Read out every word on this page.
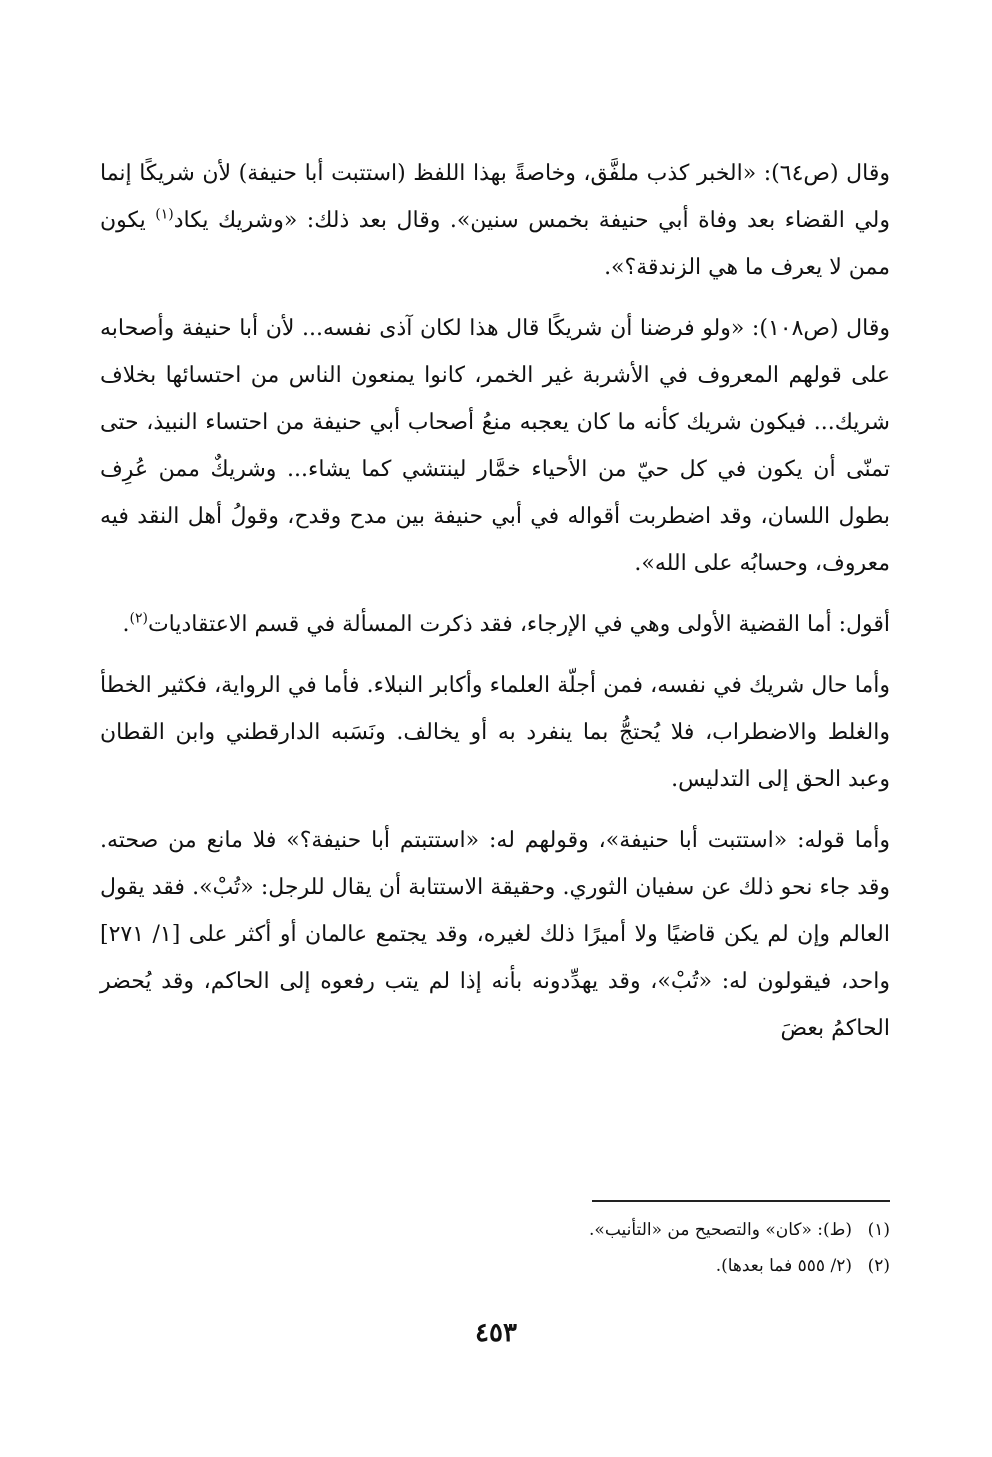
وقال (ص٦٤): «الخبر كذب ملفَّق، وخاصةً بهذا اللفظ (استتبت أبا حنيفة) لأن شريكًا إنما ولي القضاء بعد وفاة أبي حنيفة بخمس سنين». وقال بعد ذلك: «وشريك يكاد$^{(١)}$ يكون ممن لا يعرف ما هي الزندقة؟».

وقال (ص١٠٨): «ولو فرضنا أن شريكًا قال هذا لكان آذى نفسه... لأن أبا حنيفة وأصحابه على قولهم المعروف في الأشربة غير الخمر، كانوا يمنعون الناس من احتسائها بخلاف شريك... فيكون شريك كأنه ما كان يعجبه منعُ أصحاب أبي حنيفة من احتساء النبيذ، حتى تمنّى أن يكون في كل حيّ من الأحياء خمَّار لينتشي كما يشاء... وشريكٌ ممن عُرِف بطول اللسان، وقد اضطربت أقواله في أبي حنيفة بين مدح وقدح، وقولُ أهل النقد فيه معروف، وحسابُه على الله».

أقول: أما القضية الأولى وهي في الإرجاء، فقد ذكرت المسألة في قسم الاعتقاديات$^{(٢)}$.

وأما حال شريك في نفسه، فمن أجلّة العلماء وأكابر النبلاء. فأما في الرواية، فكثير الخطأ والغلط والاضطراب، فلا يُحتجُّ بما ينفرد به أو يخالف. ونَسَبه الدارقطني وابن القطان وعبد الحق إلى التدليس.

وأما قوله: «استتبت أبا حنيفة»، وقولهم له: «استتبتم أبا حنيفة؟» فلا مانع من صحته. وقد جاء نحو ذلك عن سفيان الثوري. وحقيقة الاستتابة أن يقال للرجل: «تُبْ». فقد يقول العالم وإن لم يكن قاضيًا ولا أميرًا ذلك لغيره، وقد يجتمع عالمان أو أكثر على [١/ ٢٧١] واحد، فيقولون له: «تُبْ»، وقد يهدِّدونه بأنه إذا لم يتب رفعوه إلى الحاكم، وقد يُحضر الحاكمُ بعضَ

(١)(ط): «كان» والتصحيح من «التأنيب».

(٢)(٢/ ٥٥٥ فما بعدها).

٤٥٣
